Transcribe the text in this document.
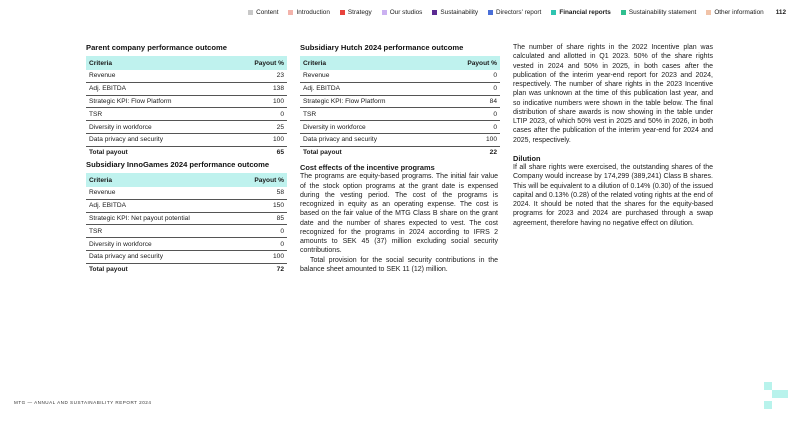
Content	Introduction	Strategy	Our studios	Sustainability	Directors' report	Financial reports	Sustainability statement	Other information 112
Parent company performance outcome
Criteria	Payout %
Revenue	23
Adj. EBITDA	138
Strategic KPI: Flow Platform	100
TSR	0
Diversity in workforce	25
Data privacy and security	100
Total payout	65
Subsidiary InnoGames 2024 performance outcome
Criteria	Payout %
Revenue	58
Adj. EBITDA	150
Strategic KPI: Net payout potential	85
TSR	0
Diversity in workforce	0
Data privacy and security	100
Total payout	72
Subsidiary Hutch 2024 performance outcome
Criteria	Payout %
Revenue	0
Adj. EBITDA	0
Strategic KPI: Flow Platform	84
TSR	0
Diversity in workforce	0
Data privacy and security	100
Total payout	22

Cost effects of the incentive programs

The programs are equity-based programs. The initial fair value of the stock option programs at the grant date is expensed during the vesting period. The cost of the programs is recognized in equity as an operating expense. The cost is based on the fair value of the MTG Class B share on the grant date and the number of shares expected to vest. The cost recognized for the programs in 2024 according to IFRS 2 amounts to SEK 45 (37) million excluding social security contributions.

Total provision for the social security contributions in the balance sheet amounted to SEK 11 (12) million.

The number of share rights in the 2022 Incentive plan was calculated and allotted in Q1 2023. 50% of the share rights vested in 2024 and 50% in 2025, in both cases after the publication of the interim year-end report for 2023 and 2024, respectively. The number of share rights in the 2023 Incentive plan was unknown at the time of this publication last year, and so indicative numbers were shown in the table below. The final distribution of share awards is now showing in the table under LTIP 2023, of which 50% vest in 2025 and 50% in 2026, in both cases after the publication of the interim year-end for 2024 and 2025, respectively.

Dilution

If all share rights were exercised, the outstanding shares of the Company would increase by 174,299 (389,241) Class B shares. This will be equivalent to a dilution of 0.14% (0.30) of the issued capital and 0.13% (0.28) of the related voting rights at the end of 2024. It should be noted that the shares for the equity-based programs for 2023 and 2024 are purchased through a swap agreement, therefore having no negative effect on dilution.

MTG — ANNUAL AND SUSTAINABILITY REPORT 2024
